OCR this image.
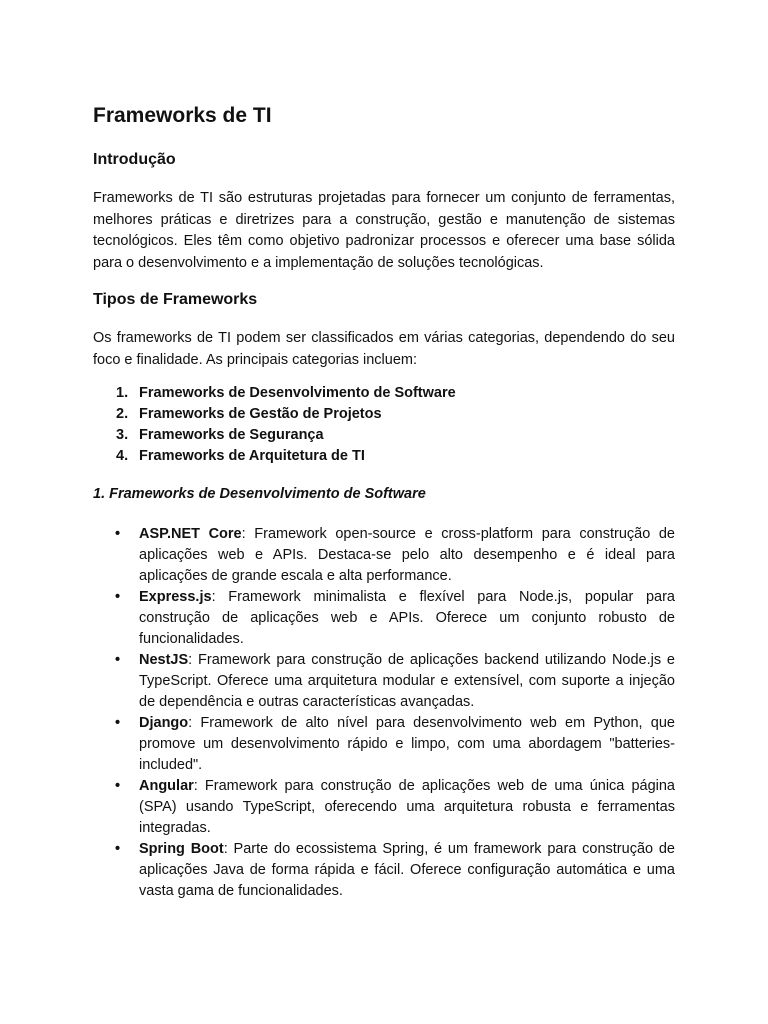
Frameworks de TI
Introdução

Frameworks de TI são estruturas projetadas para fornecer um conjunto de ferramentas, melhores práticas e diretrizes para a construção, gestão e manutenção de sistemas tecnológicos. Eles têm como objetivo padronizar processos e oferecer uma base sólida para o desenvolvimento e a implementação de soluções tecnológicas.

Tipos de Frameworks

Os frameworks de TI podem ser classificados em várias categorias, dependendo do seu foco e finalidade. As principais categorias incluem:

1. Frameworks de Desenvolvimento de Software
2. Frameworks de Gestão de Projetos
3. Frameworks de Segurança
4. Frameworks de Arquitetura de TI
1. Frameworks de Desenvolvimento de Software
• ASP.NET Core: Framework open-source e cross-platform para construção de aplicações web e APIs. Destaca-se pelo alto desempenho e é ideal para aplicações de grande escala e alta performance.
• Express.js: Framework minimalista e flexível para Node.js, popular para construção de aplicações web e APIs. Oferece um conjunto robusto de funcionalidades.
• NestJS: Framework para construção de aplicações backend utilizando Node.js e TypeScript. Oferece uma arquitetura modular e extensível, com suporte a injeção de dependência e outras características avançadas.
• Django: Framework de alto nível para desenvolvimento web em Python, que promove um desenvolvimento rápido e limpo, com uma abordagem "batteries-included".
• Angular: Framework para construção de aplicações web de uma única página (SPA) usando TypeScript, oferecendo uma arquitetura robusta e ferramentas integradas.
• Spring Boot: Parte do ecossistema Spring, é um framework para construção de aplicações Java de forma rápida e fácil. Oferece configuração automática e uma vasta gama de funcionalidades.
